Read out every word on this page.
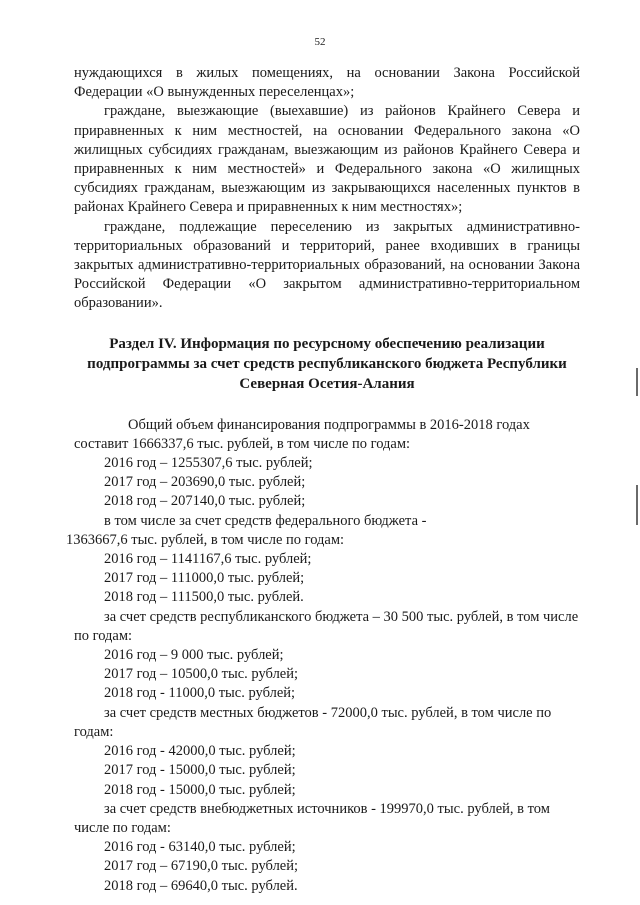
52

нуждающихся в жилых помещениях, на основании Закона Российской Федерации «О вынужденных переселенцах»;

граждане, выезжающие (выехавшие) из районов Крайнего Севера и приравненных к ним местностей, на основании Федерального закона «О жилищных субсидиях гражданам, выезжающим из районов Крайнего Севера и приравненных к ним местностей» и Федерального закона «О жилищных субсидиях гражданам, выезжающим из закрывающихся населенных пунктов в районах Крайнего Севера и приравненных к ним местностях»;

граждане, подлежащие переселению из закрытых административно-территориальных образований и территорий, ранее входивших в границы закрытых административно-территориальных образований, на основании Закона Российской Федерации «О закрытом административно-территориальном образовании».

Раздел IV. Информация по ресурсному обеспечению реализации подпрограммы за счет средств республиканского бюджета Республики Северная Осетия-Алания
Общий объем финансирования подпрограммы в 2016-2018 годах
составит 1666337,6 тыс. рублей, в том числе по годам:
2016 год – 1255307,6 тыс. рублей;
2017 год – 203690,0 тыс. рублей;
2018 год – 207140,0 тыс. рублей;
в том числе за счет средств федерального бюджета -
1363667,6 тыс. рублей, в том числе по годам:
2016 год – 1141167,6 тыс. рублей;
2017 год – 111000,0 тыс. рублей;
2018 год – 111500,0 тыс. рублей.

за счет средств республиканского бюджета – 30 500 тыс. рублей, в том числе по годам:

2016 год – 9 000 тыс. рублей;
2017 год – 10500,0 тыс. рублей;
2018 год - 11000,0 тыс. рублей;

за счет средств местных бюджетов - 72000,0 тыс. рублей, в том числе по годам:

2016 год - 42000,0 тыс. рублей;
2017 год - 15000,0 тыс. рублей;
2018 год - 15000,0 тыс. рублей;

за счет средств внебюджетных источников - 199970,0 тыс. рублей, в том числе по годам:

2016 год - 63140,0 тыс. рублей;
2017 год – 67190,0 тыс. рублей;
2018 год – 69640,0 тыс. рублей.
